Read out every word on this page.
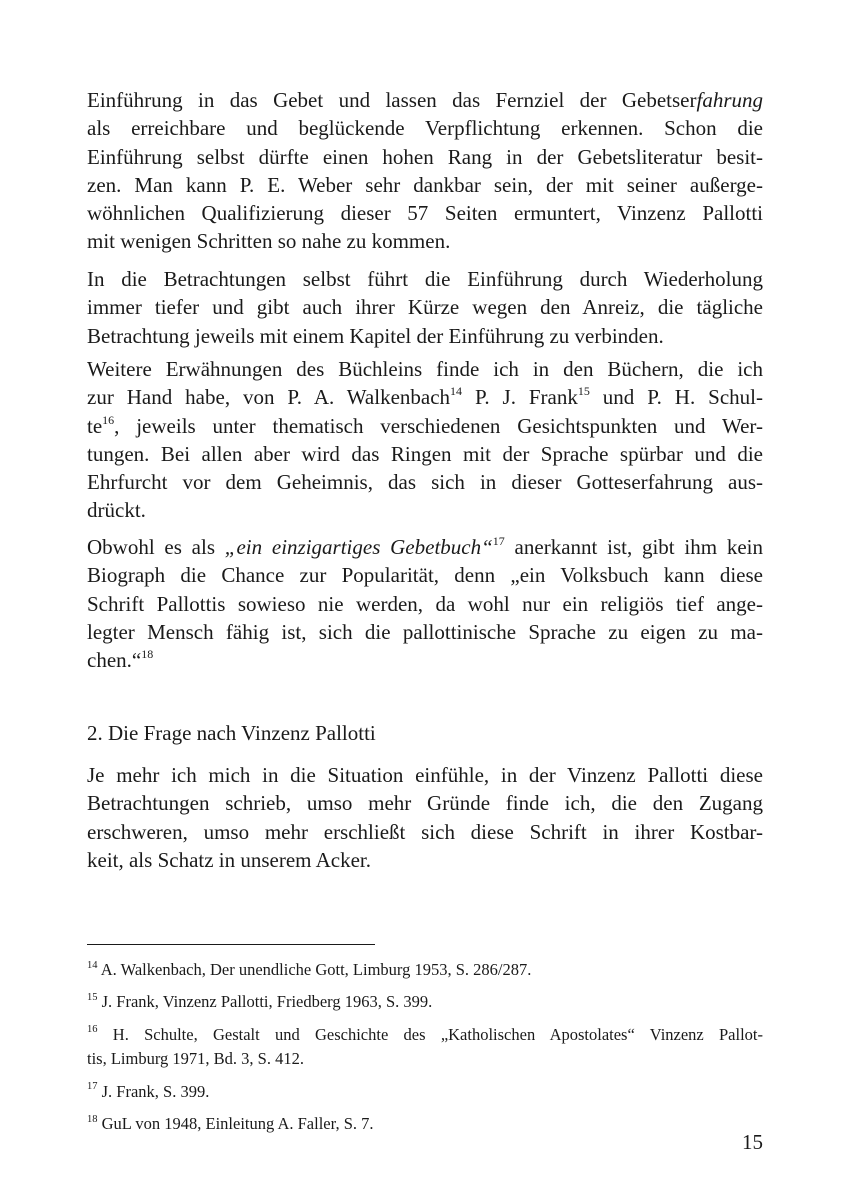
Einführung in das Gebet und lassen das Fernziel der Gebetserfahrung
als erreichbare und beglückende Verpflichtung erkennen. Schon die
Einführung selbst dürfte einen hohen Rang in der Gebetsliteratur besit-
zen. Man kann P. E. Weber sehr dankbar sein, der mit seiner außerge-
wöhnlichen Qualifizierung dieser 57 Seiten ermuntert, Vinzenz Pallotti
mit wenigen Schritten so nahe zu kommen.
In die Betrachtungen selbst führt die Einführung durch Wiederholung
immer tiefer und gibt auch ihrer Kürze wegen den Anreiz, die tägliche
Betrachtung jeweils mit einem Kapitel der Einführung zu verbinden.
Weitere Erwähnungen des Büchleins finde ich in den Büchern, die ich
zur Hand habe, von P. A. Walkenbach$^{14}$ P. J. Frank$^{15}$ und P. H. Schul-
$te^{16}$, jeweils unter thematisch verschiedenen Gesichtspunkten und Wer-
tungen. Bei allen aber wird das Ringen mit der Sprache spürbar und die
Ehrfurcht vor dem Geheimnis, das sich in dieser Gotteserfahrung aus-
drückt.
Obwohl es als „ein einzigartiges Gebetbuch“$^{17}$ anerkannt ist, gibt ihm kein
Biograph die Chance zur Popularität, denn „ein Volksbuch kann diese
Schrift Pallottis sowieso nie werden, da wohl nur ein religiös tief ange-
legter Mensch fähig ist, sich die pallottinische Sprache zu eigen zu ma-
chen.“$^{18}$
2. Die Frage nach Vinzenz Pallotti
Je mehr ich mich in die Situation einfühle, in der Vinzenz Pallotti diese
Betrachtungen schrieb, umso mehr Gründe finde ich, die den Zugang
erschweren, umso mehr erschließt sich diese Schrift in ihrer Kostbar-
keit, als Schatz in unserem Acker.
$^{14}$ A. Walkenbach, Der unendliche Gott, Limburg 1953, S. 286/287.
$^{15}$ J. Frank, Vinzenz Pallotti, Friedberg 1963, S. 399.
$^{16}$ H. Schulte, Gestalt und Geschichte des „Katholischen Apostolates“ Vinzenz Pallot-
tis, Limburg 1971, Bd. 3, S. 412.
$^{17}$ J. Frank, S. 399.
$^{18}$ GuL von 1948, Einleitung A. Faller, S. 7.
15
